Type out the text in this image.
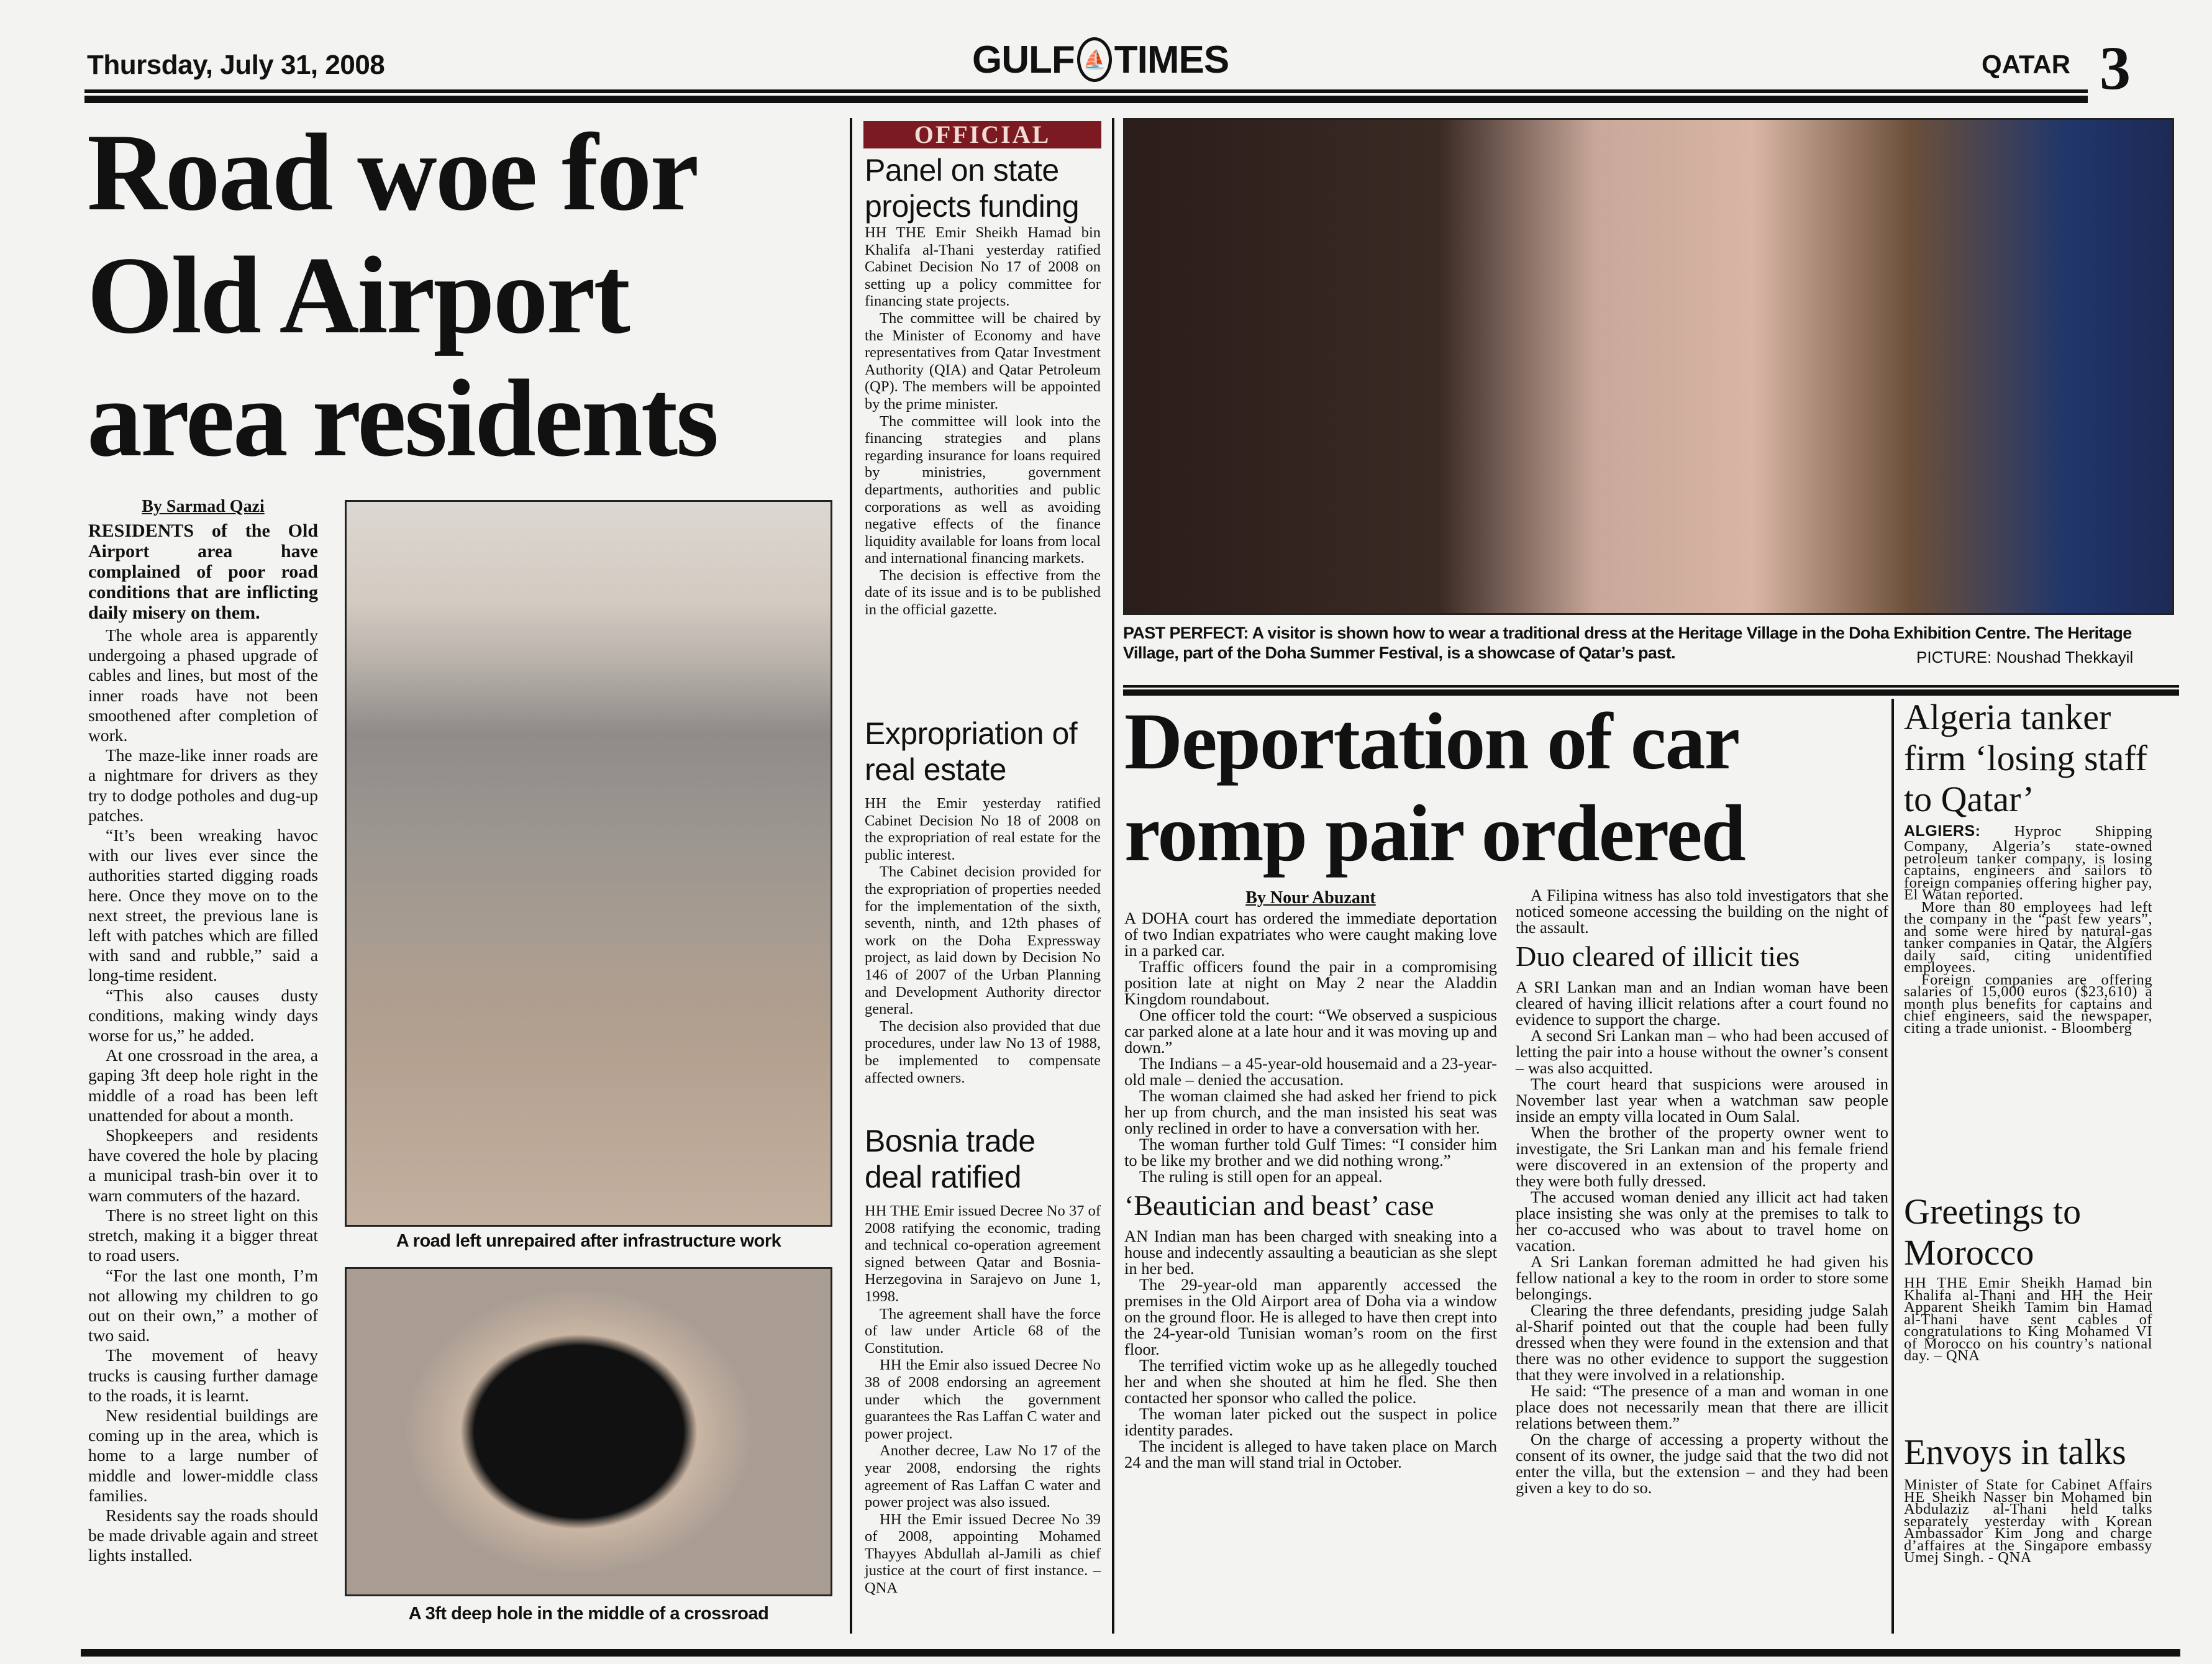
Thursday, July 31, 2008	GULF ⛵ TIMES	QATAR 3
Road woe for Old Airport area residents
By Sarmad Qazi

RESIDENTS of the Old Airport area have complained of poor road conditions that are inflicting daily misery on them.

The whole area is apparently undergoing a phased upgrade of cables and lines, but most of the inner roads have not been smoothened after completion of work.

The maze-like inner roads are a nightmare for drivers as they try to dodge potholes and dug-up patches.

“It’s been wreaking havoc with our lives ever since the authorities started digging roads here. Once they move on to the next street, the previous lane is left with patches which are filled with sand and rubble,” said a long-time resident.

“This also causes dusty conditions, making windy days worse for us,” he added.

At one crossroad in the area, a gaping 3ft deep hole right in the middle of a road has been left unattended for about a month.

Shopkeepers and residents have covered the hole by placing a municipal trash-bin over it to warn commuters of the hazard.

There is no street light on this stretch, making it a bigger threat to road users.

“For the last one month, I’m not allowing my children to go out on their own,” a mother of two said.

The movement of heavy trucks is causing further damage to the roads, it is learnt.

New residential buildings are coming up in the area, which is home to a large number of middle and lower-middle class families.

Residents say the roads should be made drivable again and street lights installed.

A road left unrepaired after infrastructure work
A 3ft deep hole in the middle of a crossroad
OFFICIAL
Panel on state projects funding

HH THE Emir Sheikh Hamad bin Khalifa al-Thani yesterday ratified Cabinet Decision No 17 of 2008 on setting up a policy committee for financing state projects.

The committee will be chaired by the Minister of Economy and have representatives from Qatar Investment Authority (QIA) and Qatar Petroleum (QP). The members will be appointed by the prime minister.

The committee will look into the financing strategies and plans regarding insurance for loans required by ministries, government departments, authorities and public corporations as well as avoiding negative effects of the finance liquidity available for loans from local and international financing markets.

The decision is effective from the date of its issue and is to be published in the official gazette.

Expropriation of real estate

HH the Emir yesterday ratified Cabinet Decision No 18 of 2008 on the expropriation of real estate for the public interest.

The Cabinet decision provided for the expropriation of properties needed for the implementation of the sixth, seventh, ninth, and 12th phases of work on the Doha Expressway project, as laid down by Decision No 146 of 2007 of the Urban Planning and Development Authority director general.

The decision also provided that due procedures, under law No 13 of 1988, be implemented to compensate affected owners.

Bosnia trade deal ratified

HH THE Emir issued Decree No 37 of 2008 ratifying the economic, trading and technical co-operation agreement signed between Qatar and Bosnia-Herzegovina in Sarajevo on June 1, 1998.

The agreement shall have the force of law under Article 68 of the Constitution.

HH the Emir also issued Decree No 38 of 2008 endorsing an agreement under which the government guarantees the Ras Laffan C water and power project.

Another decree, Law No 17 of the year 2008, endorsing the rights agreement of Ras Laffan C water and power project was also issued.

HH the Emir issued Decree No 39 of 2008, appointing Mohamed Thayyes Abdullah al-Jamili as chief justice at the court of first instance. – QNA

PAST PERFECT: A visitor is shown how to wear a traditional dress at the Heritage Village in the Doha Exhibition Centre. The Heritage Village, part of the Doha Summer Festival, is a showcase of Qatar’s past.	PICTURE: Noushad Thekkayil
Deportation of car romp pair ordered
By Nour Abuzant

A DOHA court has ordered the immediate deportation of two Indian expatriates who were caught making love in a parked car.

Traffic officers found the pair in a compromising position late at night on May 2 near the Aladdin Kingdom roundabout.

One officer told the court: “We observed a suspicious car parked alone at a late hour and it was moving up and down.”

The Indians – a 45-year-old housemaid and a 23-year-old male – denied the accusation.

The woman claimed she had asked her friend to pick her up from church, and the man insisted his seat was only reclined in order to have a conversation with her.

The woman further told Gulf Times: “I consider him to be like my brother and we did nothing wrong.”

The ruling is still open for an appeal.

‘Beautician and beast’ case

AN Indian man has been charged with sneaking into a house and indecently assaulting a beautician as she slept in her bed.

The 29-year-old man apparently accessed the premises in the Old Airport area of Doha via a window on the ground floor. He is alleged to have then crept into the 24-year-old Tunisian woman’s room on the first floor.

The terrified victim woke up as he allegedly touched her and when she shouted at him he fled. She then contacted her sponsor who called the police.

The woman later picked out the suspect in police identity parades.

The incident is alleged to have taken place on March 24 and the man will stand trial in October.

A Filipina witness has also told investigators that she noticed someone accessing the building on the night of the assault.

Duo cleared of illicit ties

A SRI Lankan man and an Indian woman have been cleared of having illicit relations after a court found no evidence to support the charge.

A second Sri Lankan man – who had been accused of letting the pair into a house without the owner’s consent – was also acquitted.

The court heard that suspicions were aroused in November last year when a watchman saw people inside an empty villa located in Oum Salal.

When the brother of the property owner went to investigate, the Sri Lankan man and his female friend were discovered in an extension of the property and they were both fully dressed.

The accused woman denied any illicit act had taken place insisting she was only at the premises to talk to her co-accused who was about to travel home on vacation.

A Sri Lankan foreman admitted he had given his fellow national a key to the room in order to store some belongings.

Clearing the three defendants, presiding judge Salah al-Sharif pointed out that the couple had been fully dressed when they were found in the extension and that there was no other evidence to support the suggestion that they were involved in a relationship.

He said: “The presence of a man and woman in one place does not necessarily mean that there are illicit relations between them.”

On the charge of accessing a property without the consent of its owner, the judge said that the two did not enter the villa, but the extension – and they had been given a key to do so.

Algeria tanker firm ‘losing staff to Qatar’

ALGIERS: Hyproc Shipping Company, Algeria’s state-owned petroleum tanker company, is losing captains, engineers and sailors to foreign companies offering higher pay, El Watan reported.

More than 80 employees had left the company in the “past few years”, and some were hired by natural-gas tanker companies in Qatar, the Algiers daily said, citing unidentified employees.

Foreign companies are offering salaries of 15,000 euros ($23,610) a month plus benefits for captains and chief engineers, said the newspaper, citing a trade unionist. - Bloomberg

Greetings to Morocco

HH THE Emir Sheikh Hamad bin Khalifa al-Thani and HH the Heir Apparent Sheikh Tamim bin Hamad al-Thani have sent cables of congratulations to King Mohamed VI of Morocco on his country’s national day. – QNA

Envoys in talks

Minister of State for Cabinet Affairs HE Sheikh Nasser bin Mohamed bin Abdulaziz al-Thani held talks separately yesterday with Korean Ambassador Kim Jong and charge d’affaires at the Singapore embassy Umej Singh. - QNA
